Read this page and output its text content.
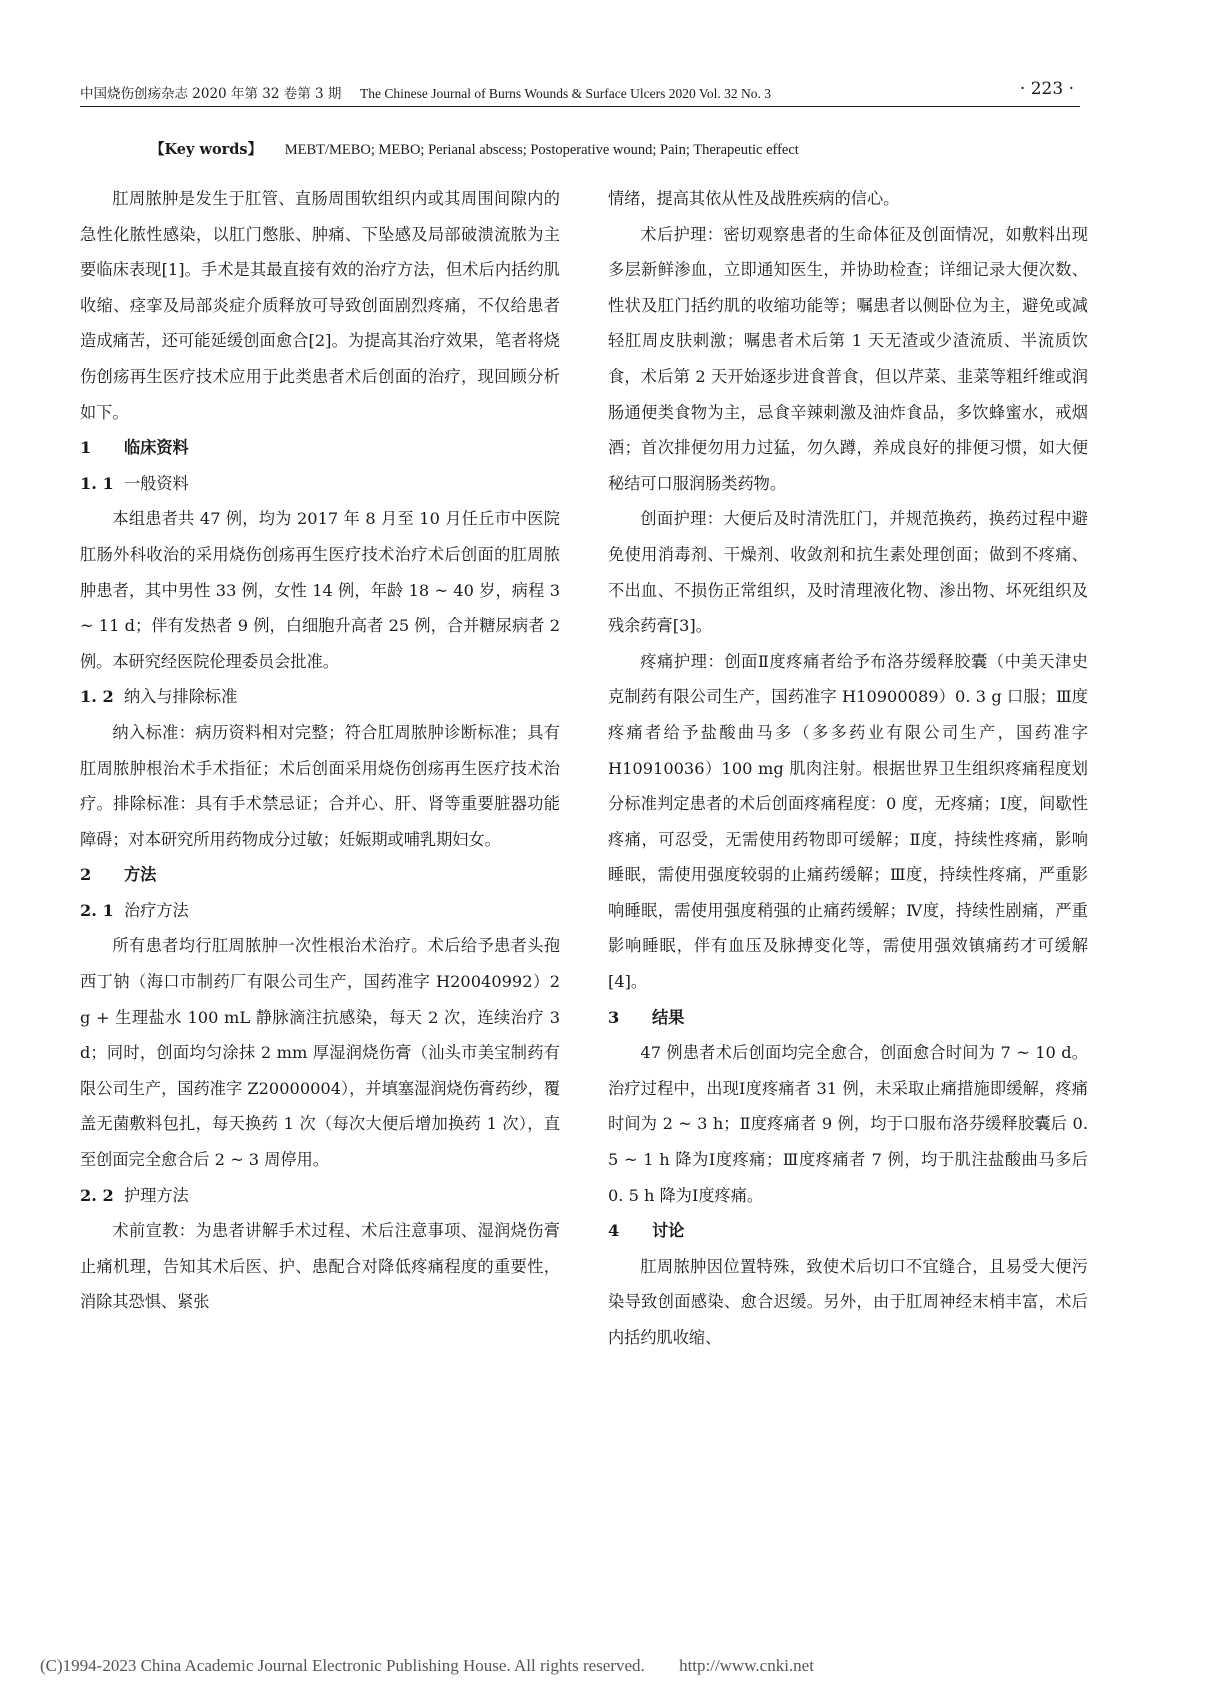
中国烧伤创疡杂志 2020 年第 32 卷第 3 期 The Chinese Journal of Burns Wounds & Surface Ulcers 2020 Vol. 32 No. 3	· 223 ·
【Key words】 MEBT/MEBO; MEBO; Perianal abscess; Postoperative wound; Pain; Therapeutic effect

肛周脓肿是发生于肛管、直肠周围软组织内或其周围间隙内的急性化脓性感染，以肛门憋胀、肿痛、下坠感及局部破溃流脓为主要临床表现[1]。手术是其最直接有效的治疗方法，但术后内括约肌收缩、痉挛及局部炎症介质释放可导致创面剧烈疼痛，不仅给患者造成痛苦，还可能延缓创面愈合[2]。为提高其治疗效果，笔者将烧伤创疡再生医疗技术应用于此类患者术后创面的治疗，现回顾分析如下。

1 临床资料
1. 1 一般资料

本组患者共 47 例，均为 2017 年 8 月至 10 月任丘市中医院肛肠外科收治的采用烧伤创疡再生医疗技术治疗术后创面的肛周脓肿患者，其中男性 33 例，女性 14 例，年龄 18 ~ 40 岁，病程 3 ~ 11 d；伴有发热者 9 例，白细胞升高者 25 例，合并糖尿病者 2 例。本研究经医院伦理委员会批准。

1. 2 纳入与排除标准

纳入标准：病历资料相对完整；符合肛周脓肿诊断标准；具有肛周脓肿根治术手术指征；术后创面采用烧伤创疡再生医疗技术治疗。排除标准：具有手术禁忌证；合并心、肝、肾等重要脏器功能障碍；对本研究所用药物成分过敏；妊娠期或哺乳期妇女。

2 方法
2. 1 治疗方法

所有患者均行肛周脓肿一次性根治术治疗。术后给予患者头孢西丁钠（海口市制药厂有限公司生产，国药准字 H20040992）2 g + 生理盐水 100 mL 静脉滴注抗感染，每天 2 次，连续治疗 3 d；同时，创面均匀涂抹 2 mm 厚湿润烧伤膏（汕头市美宝制药有限公司生产，国药准字 Z20000004），并填塞湿润烧伤膏药纱，覆盖无菌敷料包扎，每天换药 1 次（每次大便后增加换药 1 次），直至创面完全愈合后 2 ~ 3 周停用。

2. 2 护理方法

术前宣教：为患者讲解手术过程、术后注意事项、湿润烧伤膏止痛机理，告知其术后医、护、患配合对降低疼痛程度的重要性，消除其恐惧、紧张

情绪，提高其依从性及战胜疾病的信心。

术后护理：密切观察患者的生命体征及创面情况，如敷料出现多层新鲜渗血，立即通知医生，并协助检查；详细记录大便次数、性状及肛门括约肌的收缩功能等；嘱患者以侧卧位为主，避免或减轻肛周皮肤刺激；嘱患者术后第 1 天无渣或少渣流质、半流质饮食，术后第 2 天开始逐步进食普食，但以芹菜、韭菜等粗纤维或润肠通便类食物为主，忌食辛辣刺激及油炸食品，多饮蜂蜜水，戒烟酒；首次排便勿用力过猛，勿久蹲，养成良好的排便习惯，如大便秘结可口服润肠类药物。

创面护理：大便后及时清洗肛门，并规范换药，换药过程中避免使用消毒剂、干燥剂、收敛剂和抗生素处理创面；做到不疼痛、不出血、不损伤正常组织，及时清理液化物、渗出物、坏死组织及残余药膏[3]。

疼痛护理：创面Ⅱ度疼痛者给予布洛芬缓释胶囊（中美天津史克制药有限公司生产，国药准字 H10900089）0. 3 g 口服；Ⅲ度疼痛者给予盐酸曲马多（多多药业有限公司生产，国药准字 H10910036）100 mg 肌肉注射。根据世界卫生组织疼痛程度划分标准判定患者的术后创面疼痛程度：0 度，无疼痛；Ⅰ度，间歇性疼痛，可忍受，无需使用药物即可缓解；Ⅱ度，持续性疼痛，影响睡眠，需使用强度较弱的止痛药缓解；Ⅲ度，持续性疼痛，严重影响睡眠，需使用强度稍强的止痛药缓解；Ⅳ度，持续性剧痛，严重影响睡眠，伴有血压及脉搏变化等，需使用强效镇痛药才可缓解[4]。

3 结果

47 例患者术后创面均完全愈合，创面愈合时间为 7 ~ 10 d。治疗过程中，出现Ⅰ度疼痛者 31 例，未采取止痛措施即缓解，疼痛时间为 2 ~ 3 h；Ⅱ度疼痛者 9 例，均于口服布洛芬缓释胶囊后 0. 5 ~ 1 h 降为Ⅰ度疼痛；Ⅲ度疼痛者 7 例，均于肌注盐酸曲马多后 0. 5 h 降为Ⅰ度疼痛。

4 讨论

肛周脓肿因位置特殊，致使术后切口不宜缝合，且易受大便污染导致创面感染、愈合迟缓。另外，由于肛周神经末梢丰富，术后内括约肌收缩、

(C)1994-2023 China Academic Journal Electronic Publishing House. All rights reserved. http://www.cnki.net
